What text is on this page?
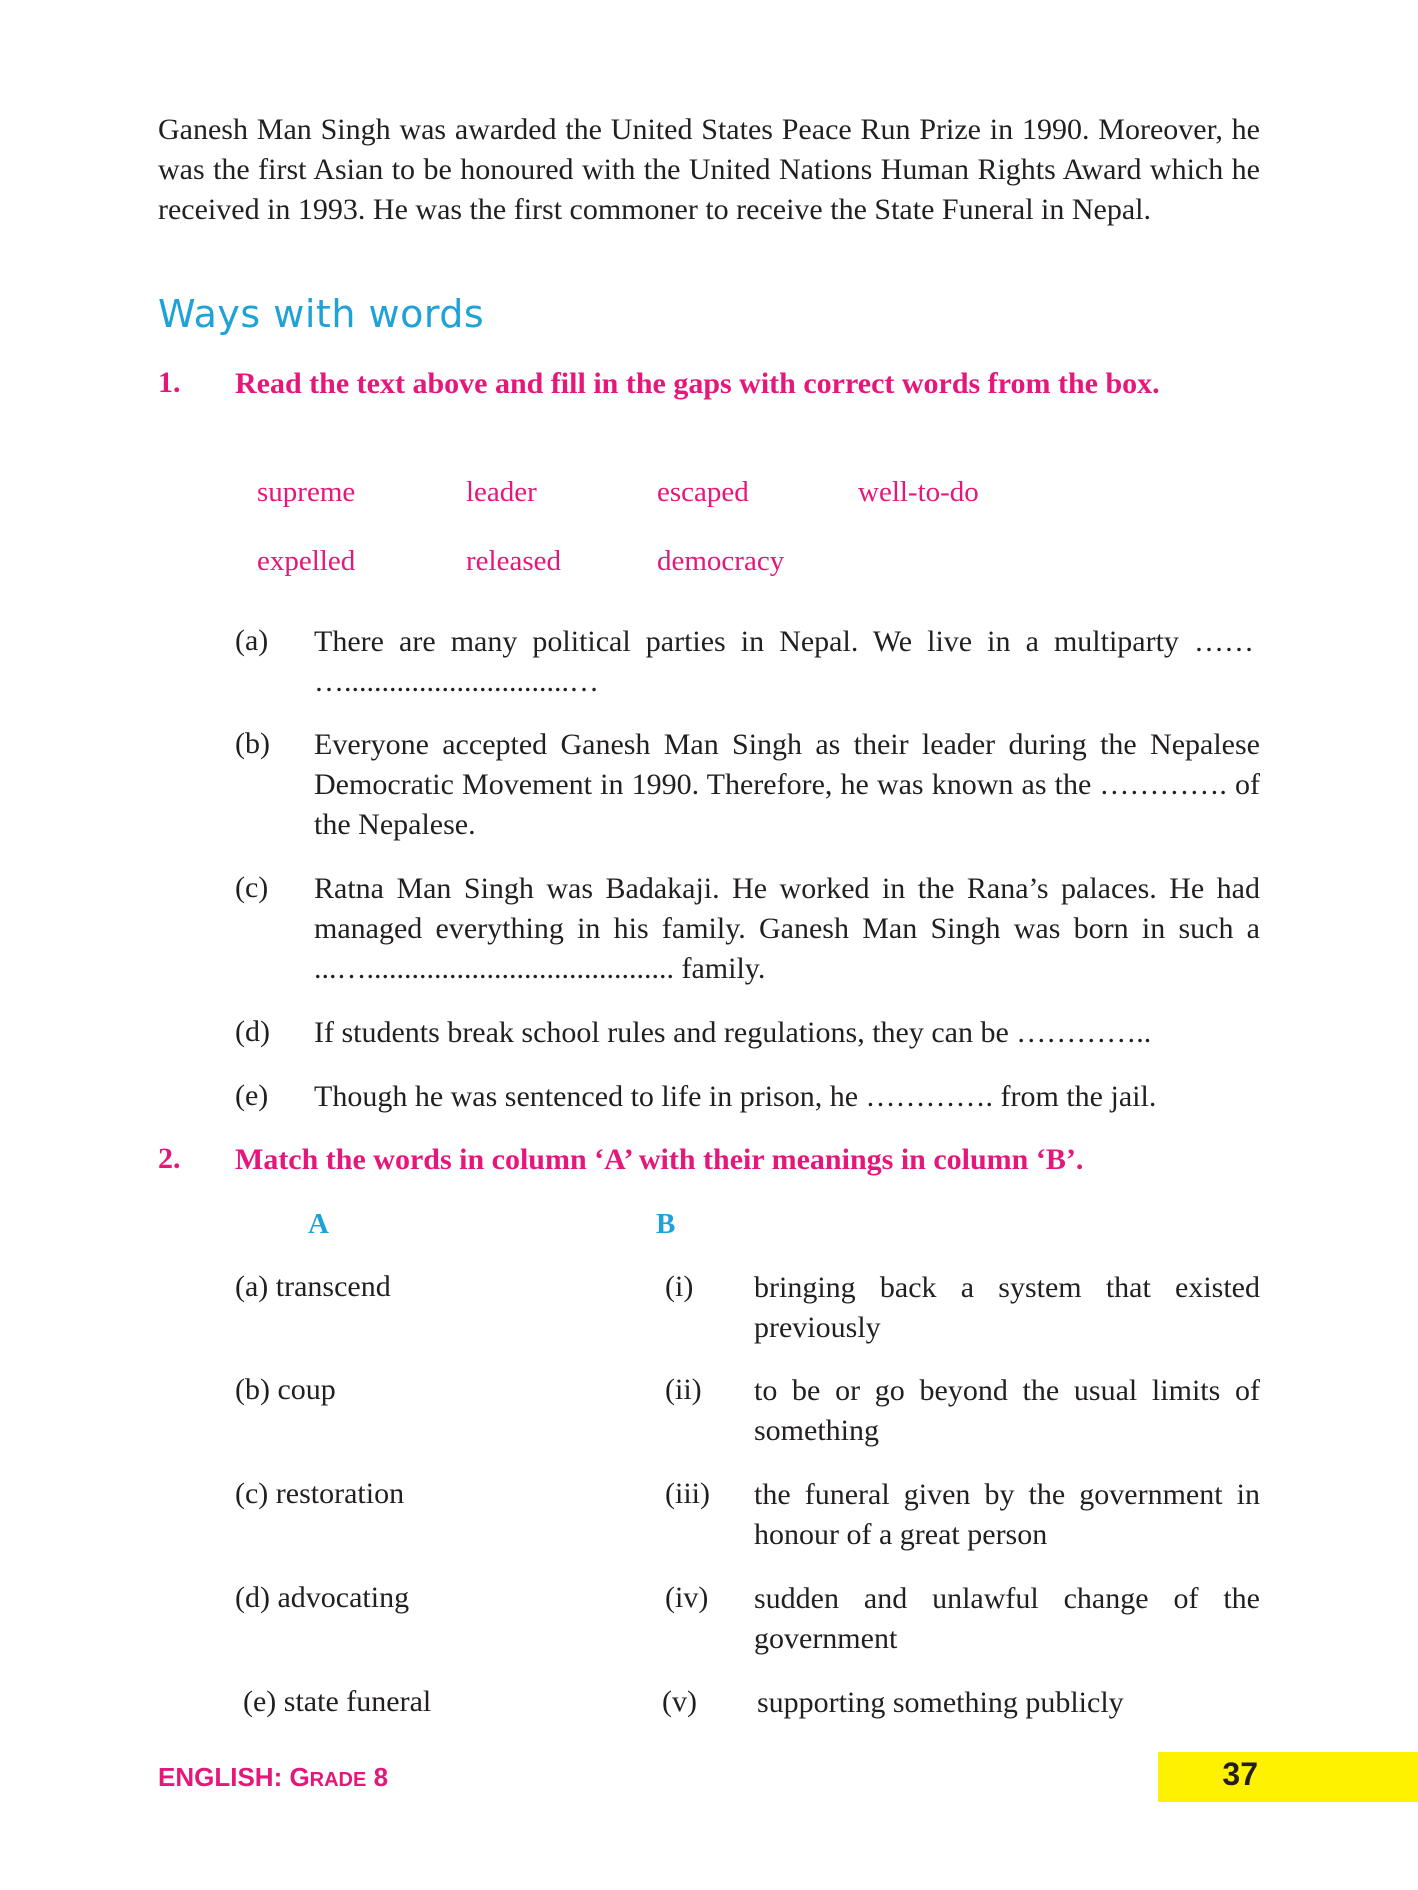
Ganesh Man Singh was awarded the United States Peace Run Prize in 1990. Moreover, he was the first Asian to be honoured with the United Nations Human Rights Award which he received in 1993. He was the first commoner to receive the State Funeral in Nepal.

Ways with words
1. Read the text above and fill in the gaps with correct words from the box.

supreme	leader	escaped	well-to-do
expelled	released	democracy
(a) There are many political parties in Nepal. We live in a multiparty …… …..............................…

(b) Everyone accepted Ganesh Man Singh as their leader during the Nepalese Democratic Movement in 1990. Therefore, he was known as the …………. of the Nepalese.

(c) Ratna Man Singh was Badakaji. He worked in the Rana’s palaces. He had managed everything in his family. Ganesh Man Singh was born in such a ...…......................................... family.

(d) If students break school rules and regulations, they can be …………..

(e) Though he was sentenced to life in prison, he …………. from the jail.

2. Match the words in column ‘A’ with their meanings in column ‘B’.

A	B
(a) transcend	(i) bringing back a system that existed previously

(b) coup	(ii) to be or go beyond the usual limits of something

(c) restoration	(iii) the funeral given by the government in honour of a great person

(d) advocating	(iv) sudden and unlawful change of the government

(e) state funeral	(v) supporting something publicly

ENGLISH: GRADE 8	37
